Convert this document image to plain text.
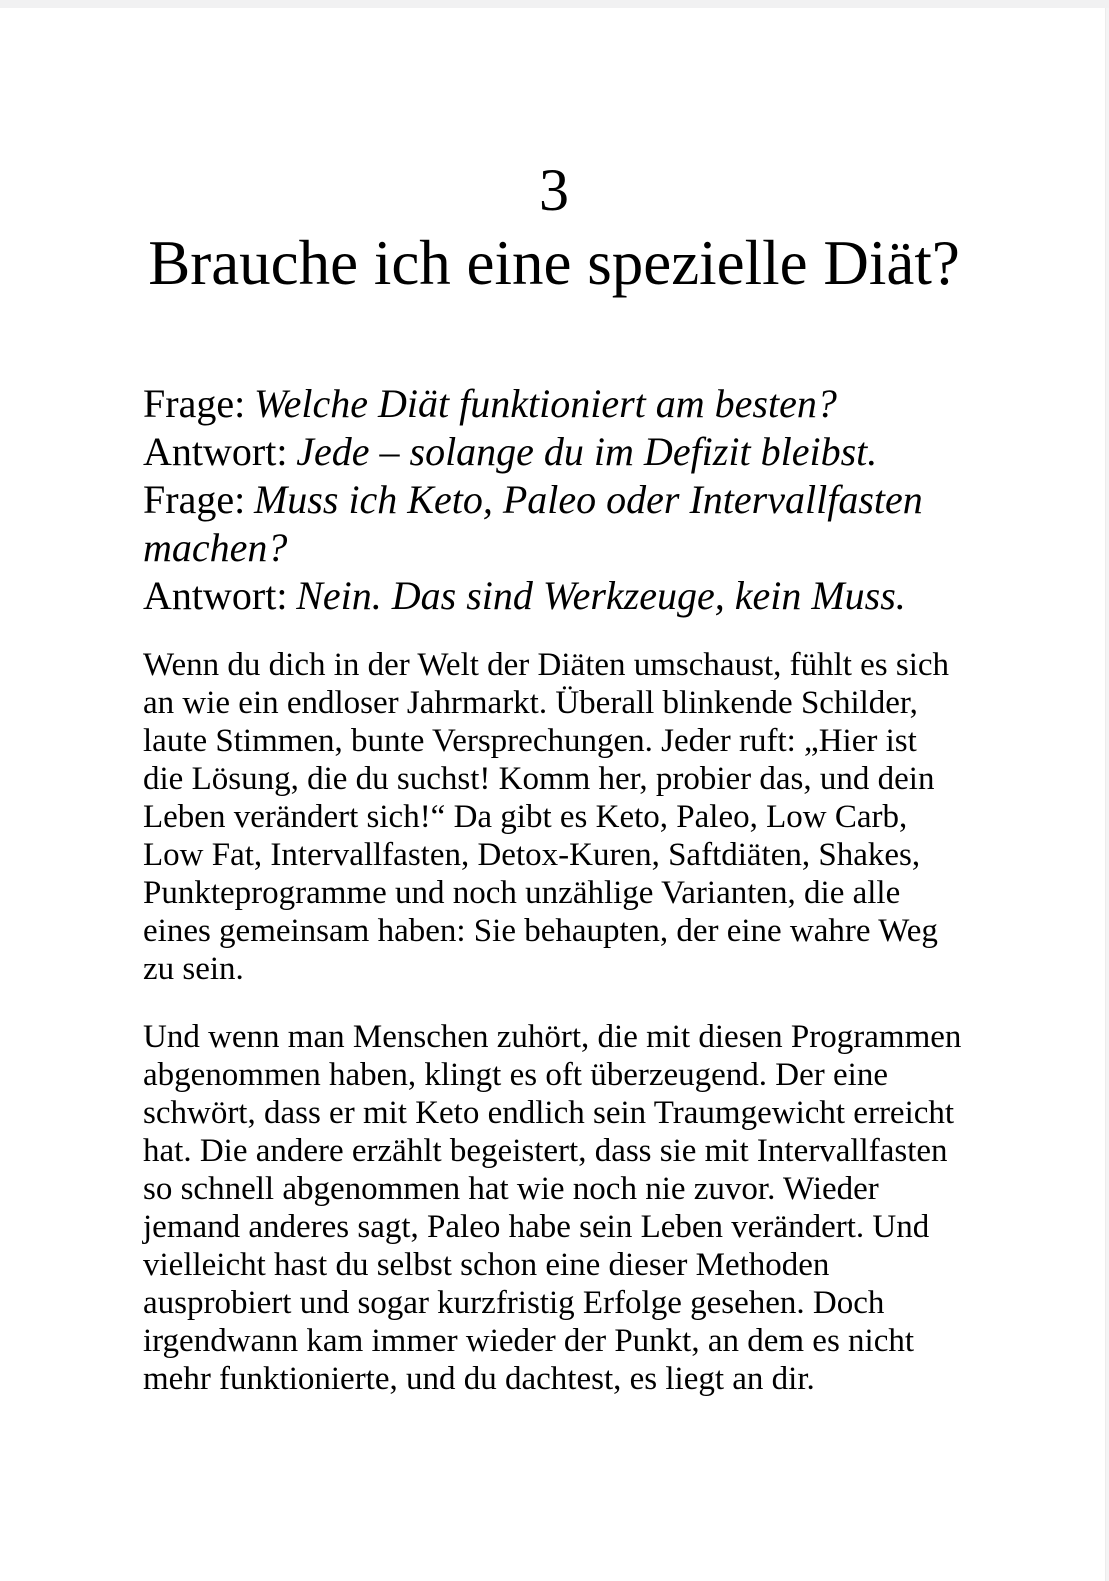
3
Brauche ich eine spezielle Diät?

Frage: Welche Diät funktioniert am besten?

Antwort: Jede – solange du im Defizit bleibst.

Frage: Muss ich Keto, Paleo oder Intervallfasten machen?

Antwort: Nein. Das sind Werkzeuge, kein Muss.

Wenn du dich in der Welt der Diäten umschaust, fühlt es sich an wie ein endloser Jahrmarkt. Überall blinkende Schilder, laute Stimmen, bunte Versprechungen. Jeder ruft: „Hier ist die Lösung, die du suchst! Komm her, probier das, und dein Leben verändert sich!“ Da gibt es Keto, Paleo, Low Carb, Low Fat, Intervallfasten, Detox-Kuren, Saftdiäten, Shakes, Punkteprogramme und noch unzählige Varianten, die alle eines gemeinsam haben: Sie behaupten, der eine wahre Weg zu sein.

Und wenn man Menschen zuhört, die mit diesen Programmen abgenommen haben, klingt es oft überzeugend. Der eine schwört, dass er mit Keto endlich sein Traumgewicht erreicht hat. Die andere erzählt begeistert, dass sie mit Intervallfasten so schnell abgenommen hat wie noch nie zuvor. Wieder jemand anderes sagt, Paleo habe sein Leben verändert. Und vielleicht hast du selbst schon eine dieser Methoden ausprobiert und sogar kurzfristig Erfolge gesehen. Doch irgendwann kam immer wieder der Punkt, an dem es nicht mehr funktionierte, und du dachtest, es liegt an dir.
